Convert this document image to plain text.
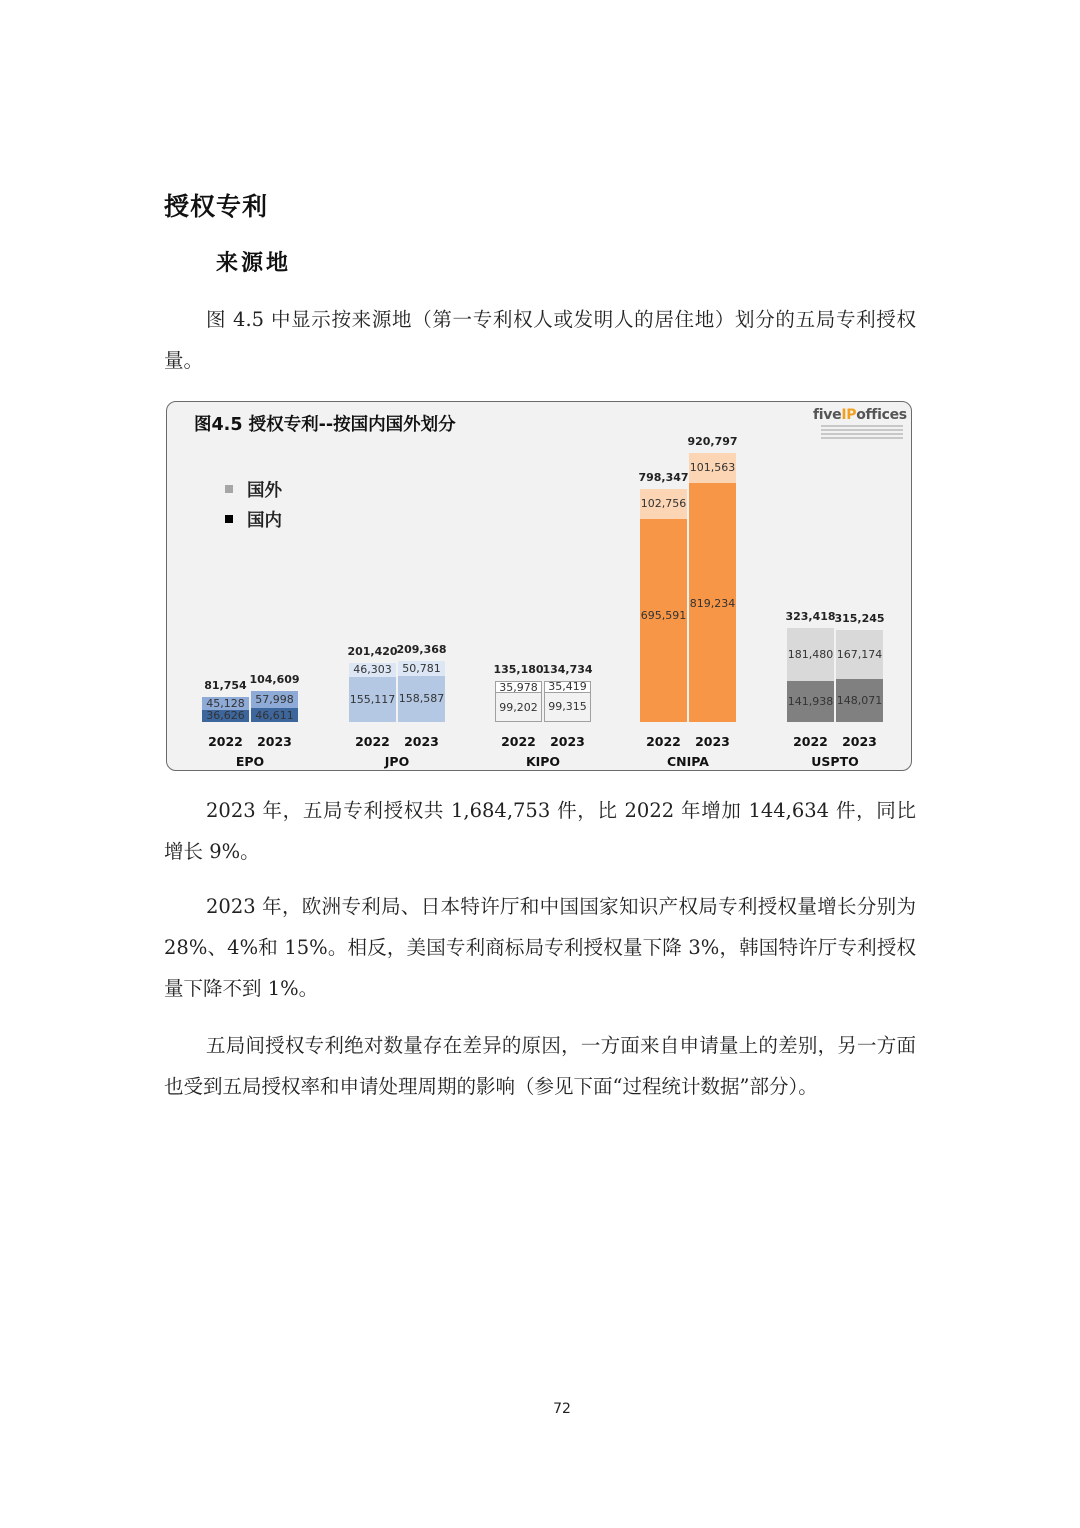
授权专利
来源地
图 4.5 中显示按来源地（第一专利权人或发明人的居住地）划分的五局专利授权量。
图4.5 授权专利--按国内国外划分
国外
国内
fiveIPoffices
45,128
36,626
81,754
2022
57,998
46,611
104,609
2023
EPO
46,303
155,117
201,420
2022
50,781
158,587
209,368
2023
JPO
35,978
99,202
135,180
2022
35,419
99,315
134,734
2023
KIPO
102,756
695,591
798,347
2022
101,563
819,234
920,797
2023
CNIPA
181,480
141,938
323,418
2022
167,174
148,071
315,245
2023
USPTO
2023 年，五局专利授权共 1,684,753 件，比 2022 年增加 144,634 件，同比增长 9%。
2023 年，欧洲专利局、日本特许厅和中国国家知识产权局专利授权量增长分别为 28%、4%和 15%。相反，美国专利商标局专利授权量下降 3%，韩国特许厅专利授权量下降不到 1%。
五局间授权专利绝对数量存在差异的原因，一方面来自申请量上的差别，另一方面也受到五局授权率和申请处理周期的影响（参见下面“过程统计数据”部分）。
72
